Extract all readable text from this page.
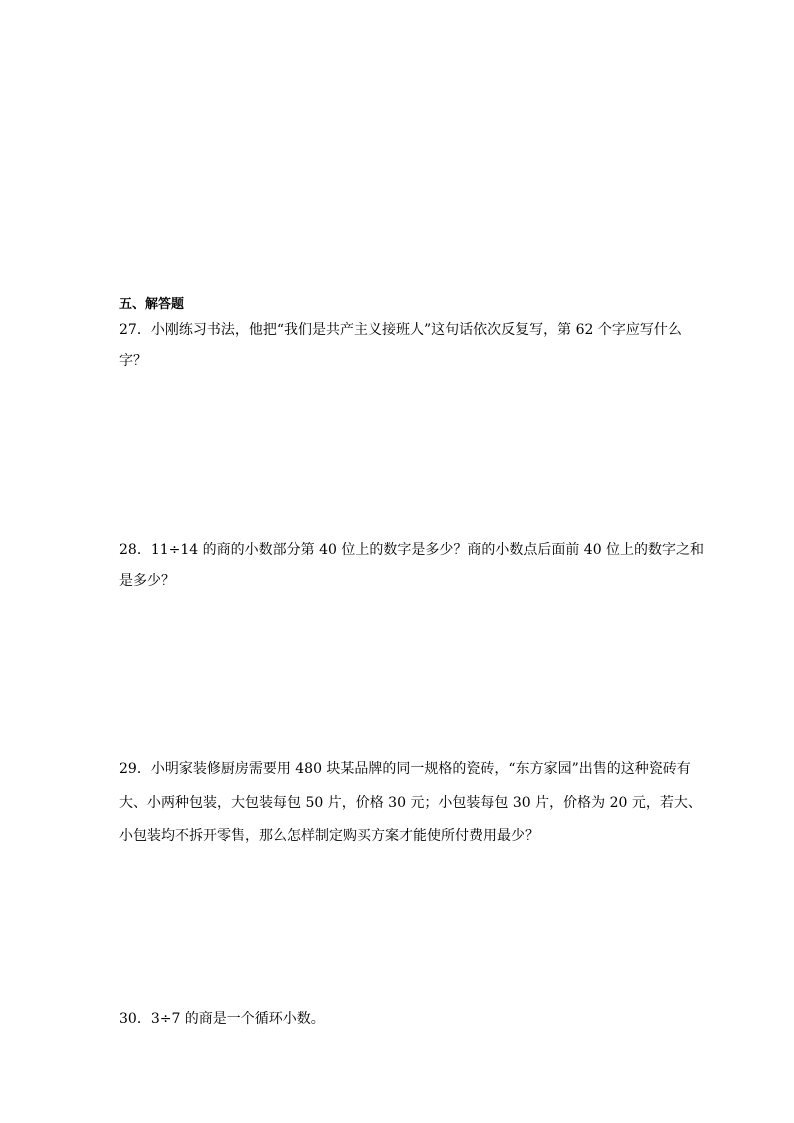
五、解答题

27．小刚练习书法，他把“我们是共产主义接班人”这句话依次反复写，第 62 个字应写什么

字？

28．11÷14 的商的小数部分第 40 位上的数字是多少？商的小数点后面前 40 位上的数字之和

是多少？

29．小明家装修厨房需要用 480 块某品牌的同一规格的瓷砖，“东方家园”出售的这种瓷砖有

大、小两种包装，大包装每包 50 片，价格 30 元；小包装每包 30 片，价格为 20 元，若大、

小包装均不拆开零售，那么怎样制定购买方案才能使所付费用最少？

30．3÷7 的商是一个循环小数。
